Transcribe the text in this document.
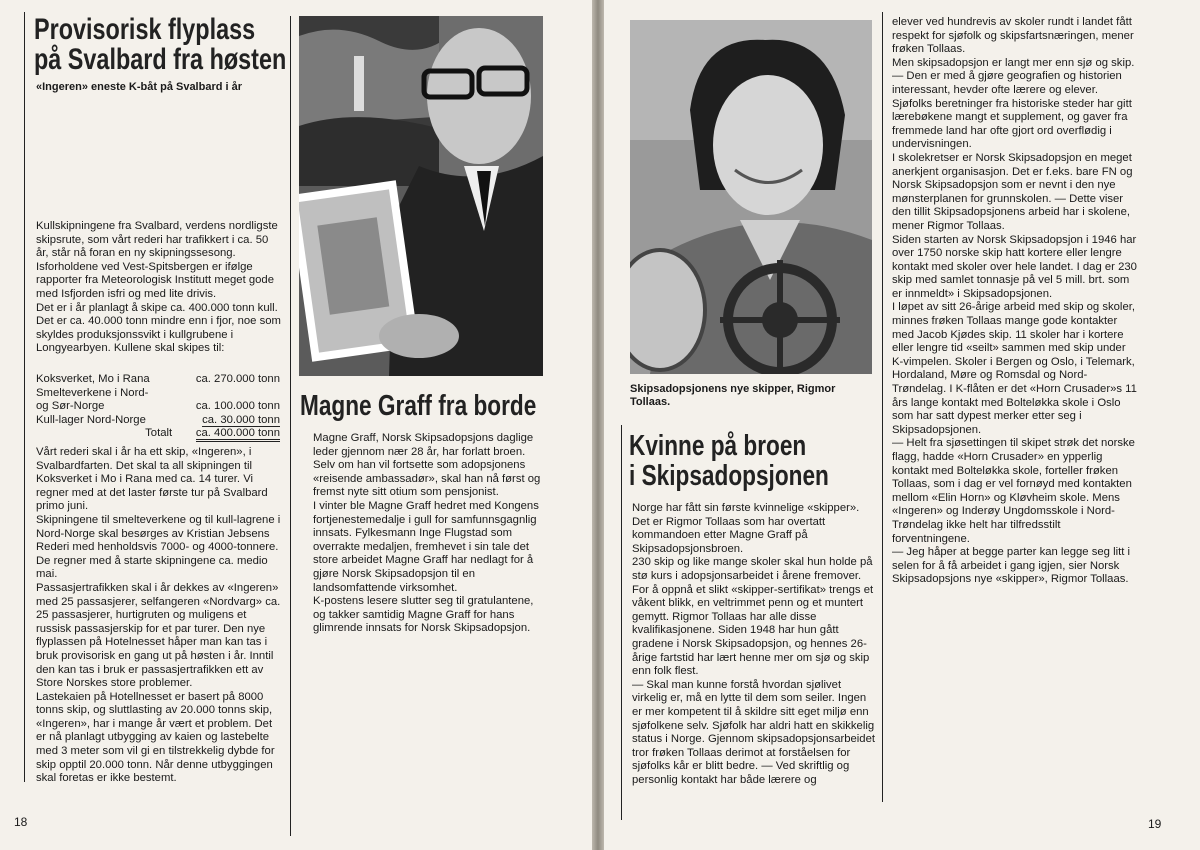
Provisorisk flyplass
på Svalbard fra høsten
«Ingeren» eneste K-båt på Svalbard i år

Kullskipningene fra Svalbard, verdens nordligste skipsrute, som vårt rederi har trafikkert i ca. 50 år, står nå foran en ny skipningssesong.

Isforholdene ved Vest-Spitsbergen er ifølge rapporter fra Meteorologisk Institutt meget gode med Isfjorden isfri og med lite drivis.

Det er i år planlagt å skipe ca. 400.000 tonn kull. Det er ca. 40.000 tonn mindre enn i fjor, noe som skyldes produksjonssvikt i kullgrubene i Longyearbyen. Kullene skal skipes til:

Koksverket, Mo i Rana	ca. 270.000 tonn
Smelteverkene i Nord-	
og Sør-Norge	ca. 100.000 tonn
Kull-lager Nord-Norge	ca. 30.000 tonn
Totalt	ca. 400.000 tonn

Vårt rederi skal i år ha ett skip, «Ingeren», i Svalbardfarten. Det skal ta all skipningen til Koksverket i Mo i Rana med ca. 14 turer. Vi regner med at det laster første tur på Svalbard primo juni.

Skipningene til smelteverkene og til kull-lagrene i Nord-Norge skal besørges av Kristian Jebsens Rederi med henholdsvis 7000- og 4000-tonnere. De regner med å starte skipningene ca. medio mai.

Passasjertrafikken skal i år dekkes av «Ingeren» med 25 passasjerer, selfangeren «Nordvarg» ca. 25 passasjerer, hurtigruten og muligens et russisk passasjerskip for et par turer. Den nye flyplassen på Hotelnesset håper man kan tas i bruk provisorisk en gang ut på høsten i år. Inntil den kan tas i bruk er passasjertrafikken ett av Store Norskes store problemer.

Lastekaien på Hotellnesset er basert på 8000 tonns skip, og sluttlasting av 20.000 tonns skip, «Ingeren», har i mange år vært et problem. Det er nå planlagt utbygging av kaien og lastebelte med 3 meter som vil gi en tilstrekkelig dybde for skip opptil 20.000 tonn. Når denne utbyggingen skal foretas er ikke bestemt.

18
Magne Graff fra borde

Magne Graff, Norsk Skipsadopsjons daglige leder gjennom nær 28 år, har forlatt broen. Selv om han vil fortsette som adopsjonens «reisende ambassadør», skal han nå først og fremst nyte sitt otium som pensjonist.

I vinter ble Magne Graff hedret med Kongens fortjenestemedalje i gull for samfunnsgagnlig innsats. Fylkesmann Inge Flugstad som overrakte medaljen, fremhevet i sin tale det store arbeidet Magne Graff har nedlagt for å gjøre Norsk Skipsadopsjon til en landsomfattende virksomhet.

K-postens lesere slutter seg til gratulantene, og takker samtidig Magne Graff for hans glimrende innsats for Norsk Skipsadopsjon.

Skipsadopsjonens nye skipper, Rigmor Tollaas.
Kvinne på broen
i Skipsadopsjonen

Norge har fått sin første kvinnelige «skipper». Det er Rigmor Tollaas som har overtatt kommandoen etter Magne Graff på Skipsadopsjonsbroen.

230 skip og like mange skoler skal hun holde på stø kurs i adopsjonsarbeidet i årene fremover. For å oppnå et slikt «skipper-sertifikat» trengs et våkent blikk, en veltrimmet penn og et muntert gemytt. Rigmor Tollaas har alle disse kvalifikasjonene. Siden 1948 har hun gått gradene i Norsk Skipsadopsjon, og hennes 26-årige fartstid har lært henne mer om sjø og skip enn folk flest.

— Skal man kunne forstå hvordan sjølivet virkelig er, må en lytte til dem som seiler. Ingen er mer kompetent til å skildre sitt eget miljø enn sjøfolkene selv. Sjøfolk har aldri hatt en skikkelig status i Norge. Gjennom skipsadopsjonsarbeidet tror frøken Tollaas derimot at forståelsen for sjøfolks kår er blitt bedre. — Ved skriftlig og personlig kontakt har både lærere og

elever ved hundrevis av skoler rundt i landet fått respekt for sjøfolk og skipsfartsnæringen, mener frøken Tollaas.

Men skipsadopsjon er langt mer enn sjø og skip. — Den er med å gjøre geografien og historien interessant, hevder ofte lærere og elever. Sjøfolks beretninger fra historiske steder har gitt lærebøkene mangt et supplement, og gaver fra fremmede land har ofte gjort ord overflødig i undervisningen.

I skolekretser er Norsk Skipsadopsjon en meget anerkjent organisasjon. Det er f.eks. bare FN og Norsk Skipsadopsjon som er nevnt i den nye mønsterplanen for grunnskolen. — Dette viser den tillit Skipsadopsjonens arbeid har i skolene, mener Rigmor Tollaas.

Siden starten av Norsk Skipsadopsjon i 1946 har over 1750 norske skip hatt kortere eller lengre kontakt med skoler over hele landet. I dag er 230 skip med samlet tonnasje på vel 5 mill. brt. som er innmeldt» i Skipsadopsjonen.

I løpet av sitt 26-årige arbeid med skip og skoler, minnes frøken Tollaas mange gode kontakter med Jacob Kjødes skip. 11 skoler har i kortere eller lengre tid «seilt» sammen med skip under K-vimpelen. Skoler i Bergen og Oslo, i Telemark, Hordaland, Møre og Romsdal og Nord-Trøndelag. I K-flåten er det «Horn Crusader»s 11 års lange kontakt med Bolteløkka skole i Oslo som har satt dypest merker etter seg i Skipsadopsjonen.

— Helt fra sjøsettingen til skipet strøk det norske flagg, hadde «Horn Crusader» en ypperlig kontakt med Bolteløkka skole, forteller frøken Tollaas, som i dag er vel fornøyd med kontakten mellom «Elin Horn» og Kløvheim skole. Mens «Ingeren» og Inderøy Ungdomsskole i Nord-Trøndelag ikke helt har tilfredsstilt forventningene.

— Jeg håper at begge parter kan legge seg litt i selen for å få arbeidet i gang igjen, sier Norsk Skipsadopsjons nye «skipper», Rigmor Tollaas.

19
